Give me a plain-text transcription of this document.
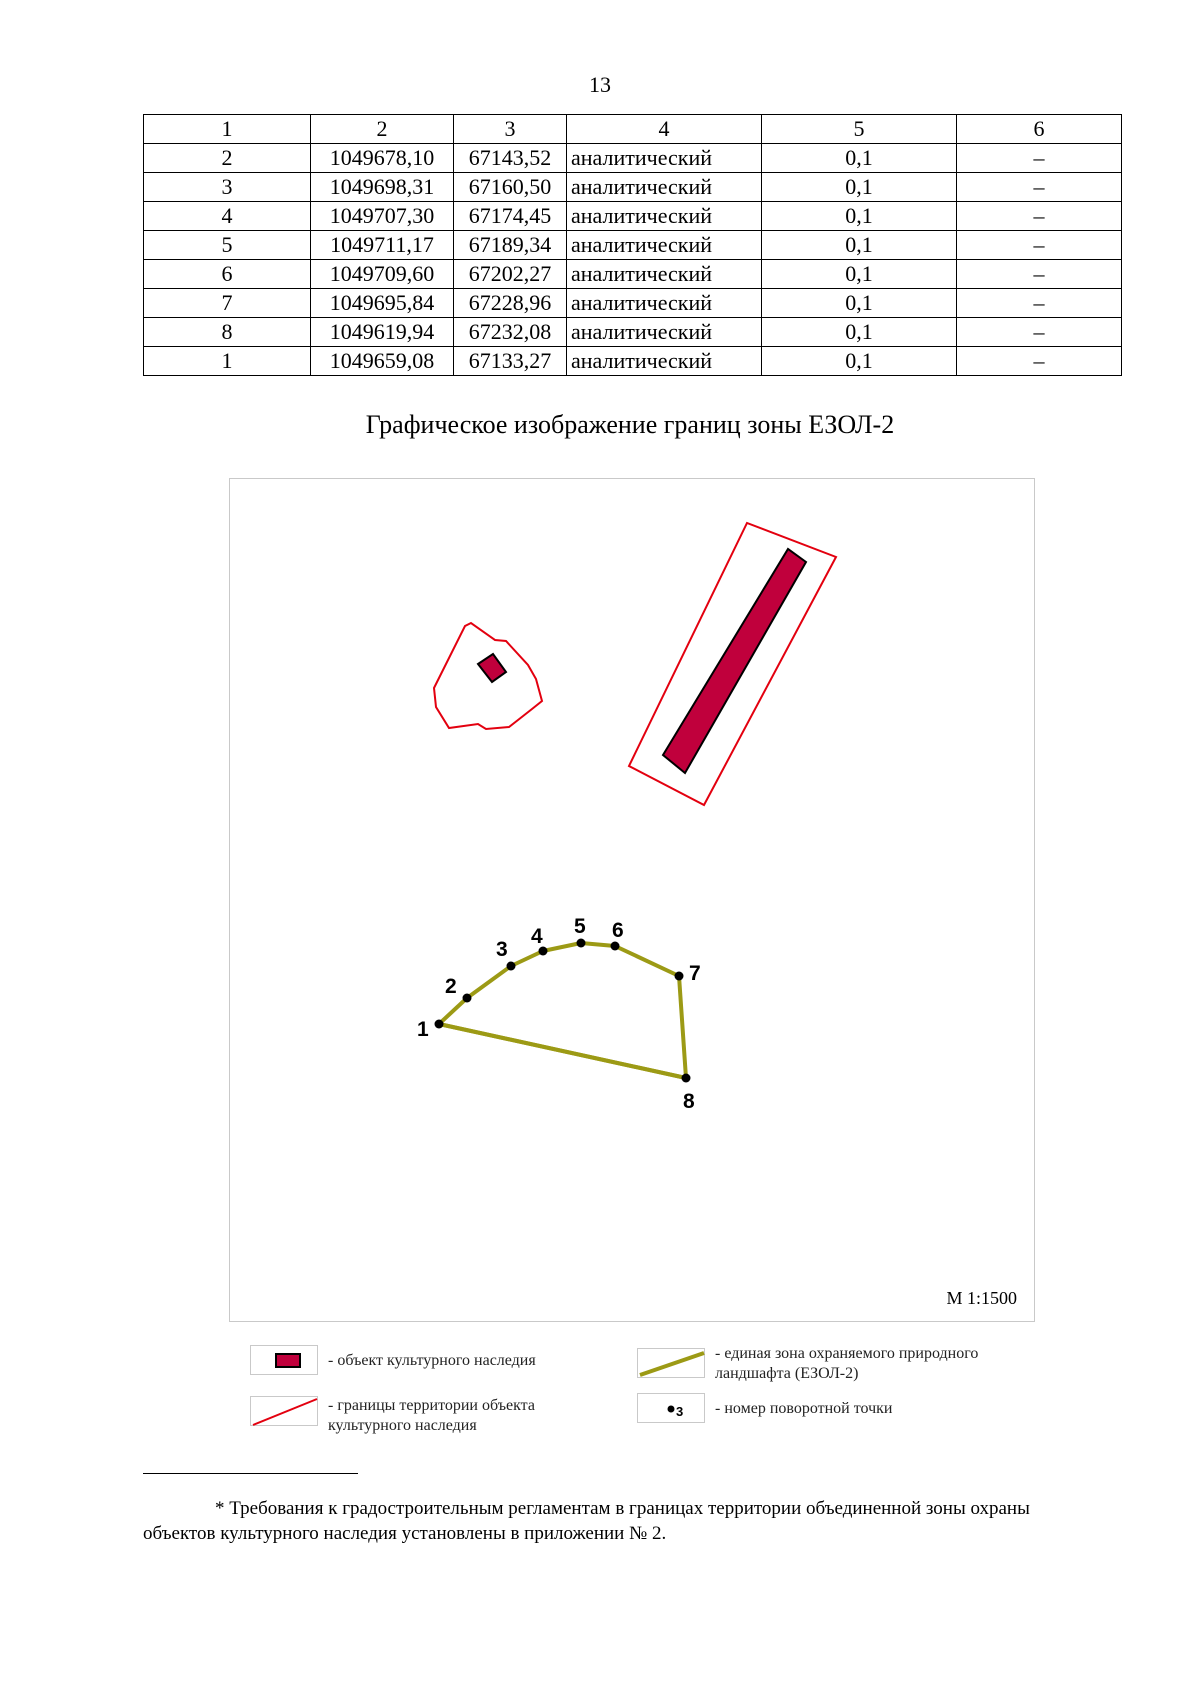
13
1	2	3	4	5	6
2	1049678,10	67143,52	аналитический	0,1	–
3	1049698,31	67160,50	аналитический	0,1	–
4	1049707,30	67174,45	аналитический	0,1	–
5	1049711,17	67189,34	аналитический	0,1	–
6	1049709,60	67202,27	аналитический	0,1	–
7	1049695,84	67228,96	аналитический	0,1	–
8	1049619,94	67232,08	аналитический	0,1	–
1	1049659,08	67133,27	аналитический	0,1	–
Графическое изображение границ зоны ЕЗОЛ-2
1
2
3
4 5 6
7
8
М 1:1500
- объект культурного наследия
- границы территории объекта культурного наследия
- единая зона охраняемого природного ландшафта (ЕЗОЛ-2)
3 - номер поворотной точки
* Требования к градостроительным регламентам в границах территории объединенной зоны охраны
объектов культурного наследия установлены в приложении № 2.
